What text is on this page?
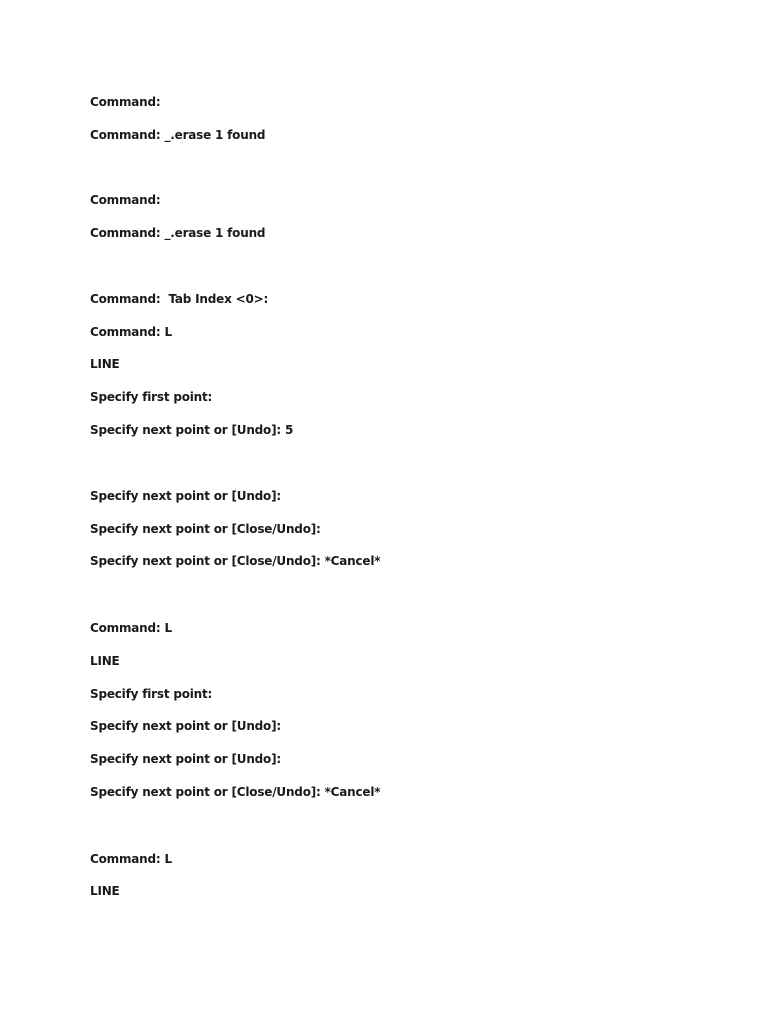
Command:
Command: _.erase 1 found
Command:
Command: _.erase 1 found
Command:  Tab Index <0>:
Command: L
LINE
Specify first point:
Specify next point or [Undo]: 5
Specify next point or [Undo]:
Specify next point or [Close/Undo]:
Specify next point or [Close/Undo]: *Cancel*
Command: L
LINE
Specify first point:
Specify next point or [Undo]:
Specify next point or [Undo]:
Specify next point or [Close/Undo]: *Cancel*
Command: L
LINE
